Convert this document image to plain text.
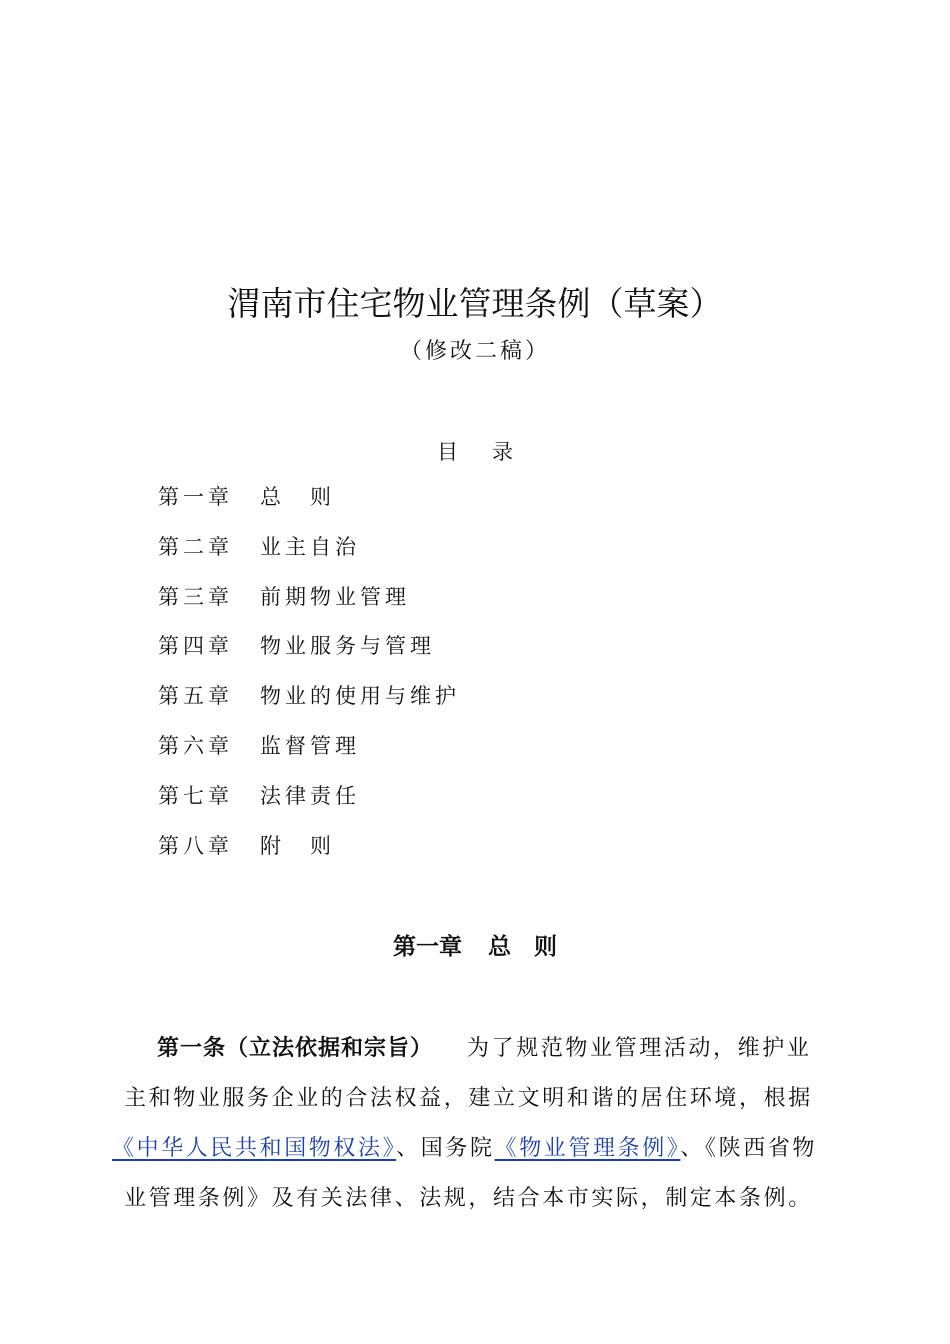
渭南市住宅物业管理条例（草案）
（修改二稿）
目 录
第一章 总　则
第二章 业主自治
第三章 前期物业管理
第四章 物业服务与管理
第五章 物业的使用与维护
第六章 监督管理
第七章 法律责任
第八章 附　则
第一章 总　则
第一条（立法依据和宗旨） 为了规范物业管理活动，维护业
主和物业服务企业的合法权益，建立文明和谐的居住环境，根据
《中华人民共和国物权法》、国务院《物业管理条例》、《陕西省物
业管理条例》及有关法律、法规，结合本市实际，制定本条例。
